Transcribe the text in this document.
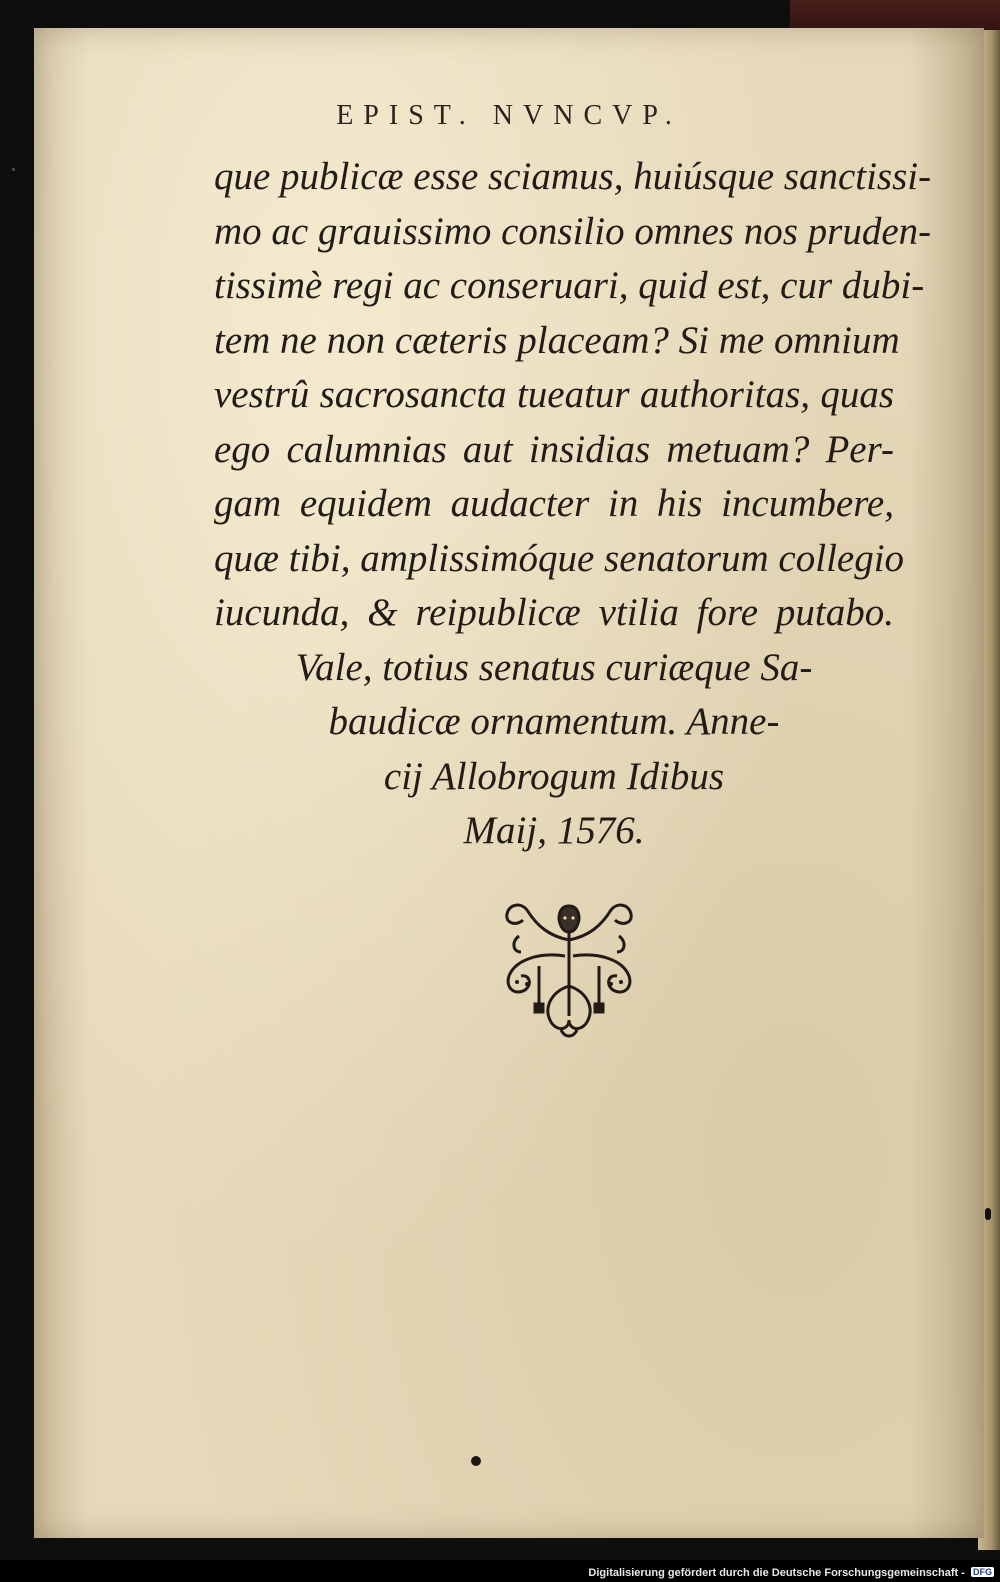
EPIST. NVNCVP.
que publicæ esse sciamus, huiúsque sanctissi-
mo ac grauissimo consilio omnes nos pruden-
tissimè regi ac conseruari, quid est, cur dubi-
tem ne non cæteris placeam? Si me omnium
vestrû sacrosancta tueatur authoritas, quas
ego calumnias aut insidias metuam? Per-
gam equidem audacter in his incumbere,
quæ tibi, amplissimóque senatorum collegio
iucunda, & reipublicæ vtilia fore putabo.
Vale, totius senatus curiæque Sa-
baudicæ ornamentum. Anne-
cij Allobrogum Idibus
Maij, 1576.
Digitalisierung gefördert durch die Deutsche Forschungsgemeinschaft - DFG
